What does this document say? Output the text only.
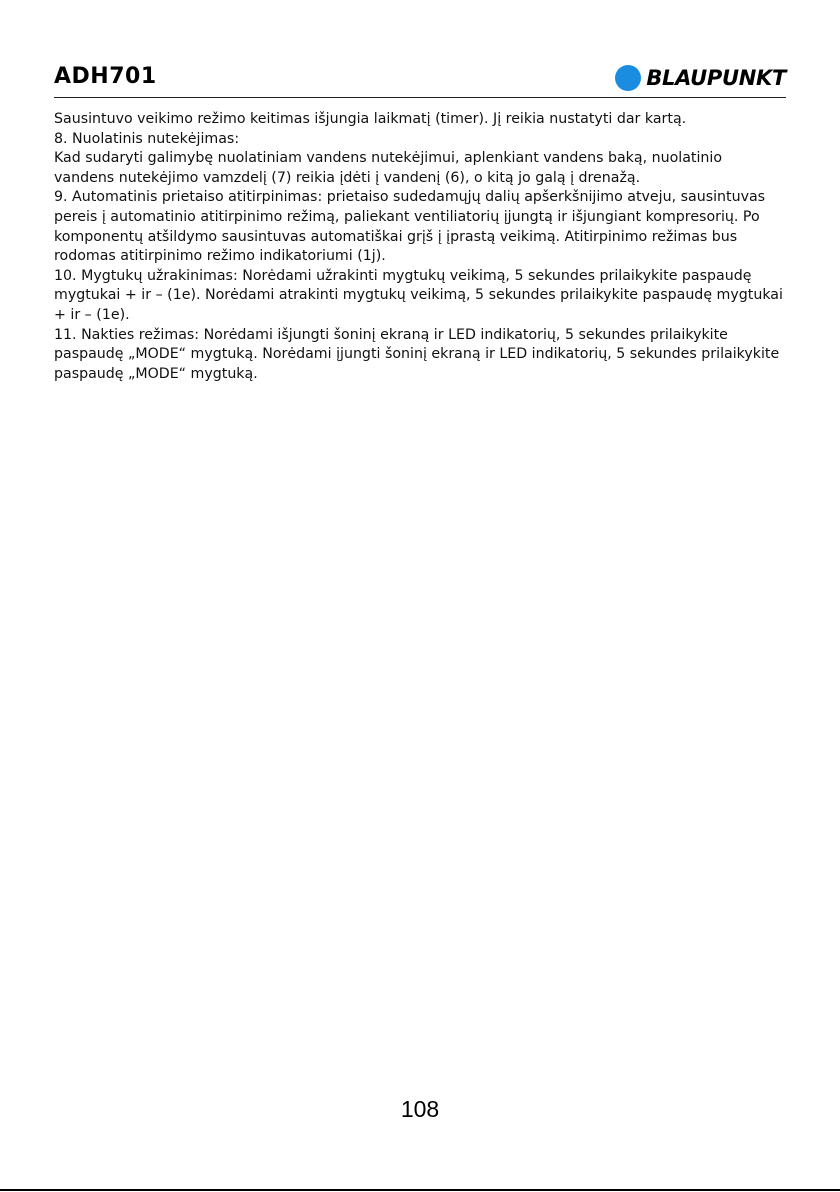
ADH701	BLAUPUNKT

Sausintuvo veikimo režimo keitimas išjungia laikmatį (timer). Jį reikia nustatyti dar kartą.

8. Nuolatinis nutekėjimas:

Kad sudaryti galimybę nuolatiniam vandens nutekėjimui, aplenkiant vandens baką, nuolatinio vandens nutekėjimo vamzdelį (7) reikia įdėti į vandenį (6), o kitą jo galą į drenažą.

9. Automatinis prietaiso atitirpinimas: prietaiso sudedamųjų dalių apšerkšnijimo atveju, sausintuvas pereis į automatinio atitirpinimo režimą, paliekant ventiliatorių įjungtą ir išjungiant kompresorių. Po komponentų atšildymo sausintuvas automatiškai grįš į įprastą veikimą. Atitirpinimo režimas bus rodomas atitirpinimo režimo indikatoriumi (1j).

10. Mygtukų užrakinimas: Norėdami užrakinti mygtukų veikimą, 5 sekundes prilaikykite paspaudę mygtukai + ir – (1e). Norėdami atrakinti mygtukų veikimą, 5 sekundes prilaikykite paspaudę mygtukai + ir – (1e).

11. Nakties režimas: Norėdami išjungti šoninį ekraną ir LED indikatorių, 5 sekundes prilaikykite paspaudę „MODE“ mygtuką. Norėdami įjungti šoninį ekraną ir LED indikatorių, 5 sekundes prilaikykite paspaudę „MODE“ mygtuką.

108
